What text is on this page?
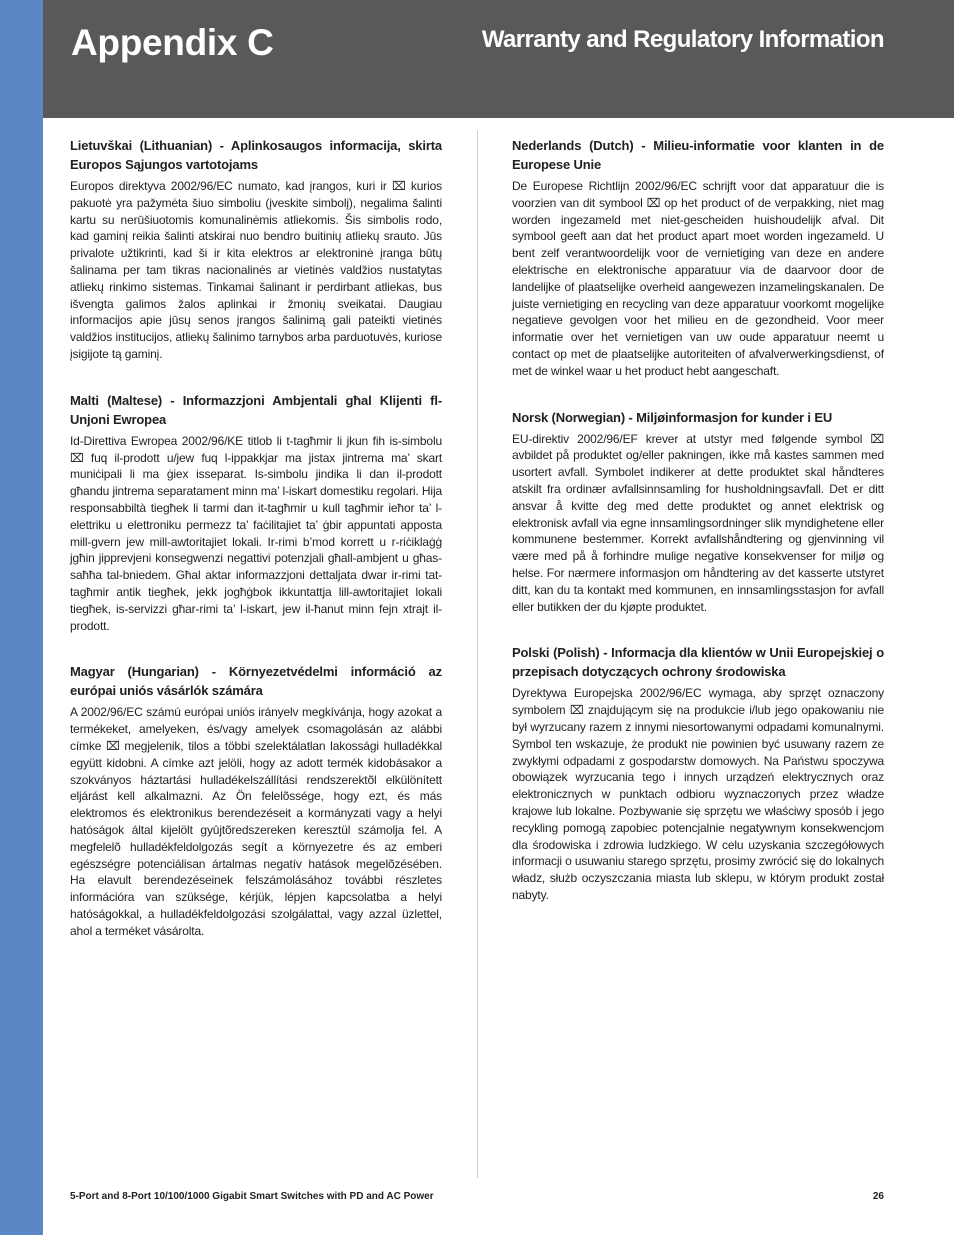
Appendix C	Warranty and Regulatory Information
Lietuvškai (Lithuanian) - Aplinkosaugos informacija, skirta Europos Sąjungos vartotojams

Europos direktyva 2002/96/EC numato, kad įrangos, kuri ir ⌧ kurios pakuotė yra pažymėta šiuo simboliu (įveskite simbolį), negalima šalinti kartu su nerūšiuotomis komunalinėmis atliekomis. Šis simbolis rodo, kad gaminį reikia šalinti atskirai nuo bendro buitinių atliekų srauto. Jūs privalote užtikrinti, kad ši ir kita elektros ar elektroninė įranga būtų šalinama per tam tikras nacionalinės ar vietinės valdžios nustatytas atliekų rinkimo sistemas. Tinkamai šalinant ir perdirbant atliekas, bus išvengta galimos žalos aplinkai ir žmonių sveikatai. Daugiau informacijos apie jūsų senos įrangos šalinimą gali pateikti vietinės valdžios institucijos, atliekų šalinimo tarnybos arba parduotuvės, kuriose įsigijote tą gaminį.

Malti (Maltese) - Informazzjoni Ambjentali għal Klijenti fl-Unjoni Ewropea

Id-Direttiva Ewropea 2002/96/KE titlob li t-tagħmir li jkun fih is-simbolu ⌧ fuq il-prodott u/jew fuq l-ippakkjar ma jistax jintrema ma’ skart muniċipali li ma ġiex isseparat. Is-simbolu jindika li dan il-prodott għandu jintrema separatament minn ma’ l-iskart domestiku regolari. Hija responsabbiltà tiegħek li tarmi dan it-tagħmir u kull tagħmir ieħor ta’ l-elettriku u elettroniku permezz ta’ faċilitajiet ta’ ġbir appuntati apposta mill-gvern jew mill-awtoritajiet lokali. Ir-rimi b’mod korrett u r-riċiklaġġ jgħin jipprevjeni konsegwenzi negattivi potenzjali għall-ambjent u għas-saħħa tal-bniedem. Għal aktar informazzjoni dettaljata dwar ir-rimi tat-tagħmir antik tiegħek, jekk jogħġbok ikkuntattja lill-awtoritajiet lokali tiegħek, is-servizzi għar-rimi ta’ l-iskart, jew il-ħanut minn fejn xtrajt il-prodott.

Magyar (Hungarian) - Környezetvédelmi információ az európai uniós vásárlók számára

A 2002/96/EC számú európai uniós irányelv megkívánja, hogy azokat a termékeket, amelyeken, és/vagy amelyek csomagolásán az alábbi címke ⌧ megjelenik, tilos a többi szelektálatlan lakossági hulladékkal együtt kidobni. A címke azt jelöli, hogy az adott termék kidobásakor a szokványos háztartási hulladékelszállítási rendszerektõl elkülönített eljárást kell alkalmazni. Az Ön felelõssége, hogy ezt, és más elektromos és elektronikus berendezéseit a kormányzati vagy a helyi hatóságok által kijelölt gyûjtõredszereken keresztül számolja fel. A megfelelõ hulladékfeldolgozás segít a környezetre és az emberi egészségre potenciálisan ártalmas negatív hatások megelõzésében. Ha elavult berendezéseinek felszámolásához további részletes információra van szüksége, kérjük, lépjen kapcsolatba a helyi hatóságokkal, a hulladékfeldolgozási szolgálattal, vagy azzal üzlettel, ahol a terméket vásárolta.

Nederlands (Dutch) - Milieu-informatie voor klanten in de Europese Unie

De Europese Richtlijn 2002/96/EC schrijft voor dat apparatuur die is voorzien van dit symbool ⌧ op het product of de verpakking, niet mag worden ingezameld met niet-gescheiden huishoudelijk afval. Dit symbool geeft aan dat het product apart moet worden ingezameld. U bent zelf verantwoordelijk voor de vernietiging van deze en andere elektrische en elektronische apparatuur via de daarvoor door de landelijke of plaatselijke overheid aangewezen inzamelingskanalen. De juiste vernietiging en recycling van deze apparatuur voorkomt mogelijke negatieve gevolgen voor het milieu en de gezondheid. Voor meer informatie over het vernietigen van uw oude apparatuur neemt u contact op met de plaatselijke autoriteiten of afvalverwerkingsdienst, of met de winkel waar u het product hebt aangeschaft.

Norsk (Norwegian) - Miljøinformasjon for kunder i EU

EU-direktiv 2002/96/EF krever at utstyr med følgende symbol ⌧ avbildet på produktet og/eller pakningen, ikke må kastes sammen med usortert avfall. Symbolet indikerer at dette produktet skal håndteres atskilt fra ordinær avfallsinnsamling for husholdningsavfall. Det er ditt ansvar å kvitte deg med dette produktet og annet elektrisk og elektronisk avfall via egne innsamlingsordninger slik myndighetene eller kommunene bestemmer. Korrekt avfallshåndtering og gjenvinning vil være med på å forhindre mulige negative konsekvenser for miljø og helse. For nærmere informasjon om håndtering av det kasserte utstyret ditt, kan du ta kontakt med kommunen, en innsamlingsstasjon for avfall eller butikken der du kjøpte produktet.

Polski (Polish) - Informacja dla klientów w Unii Europejskiej o przepisach dotyczących ochrony środowiska

Dyrektywa Europejska 2002/96/EC wymaga, aby sprzęt oznaczony symbolem ⌧ znajdującym się na produkcie i/lub jego opakowaniu nie był wyrzucany razem z innymi niesortowanymi odpadami komunalnymi. Symbol ten wskazuje, że produkt nie powinien być usuwany razem ze zwykłymi odpadami z gospodarstw domowych. Na Państwu spoczywa obowiązek wyrzucania tego i innych urządzeń elektrycznych oraz elektronicznych w punktach odbioru wyznaczonych przez władze krajowe lub lokalne. Pozbywanie się sprzętu we właściwy sposób i jego recykling pomogą zapobiec potencjalnie negatywnym konsekwencjom dla środowiska i zdrowia ludzkiego. W celu uzyskania szczegółowych informacji o usuwaniu starego sprzętu, prosimy zwrócić się do lokalnych władz, służb oczyszczania miasta lub sklepu, w którym produkt został nabyty.

5-Port and 8-Port 10/100/1000 Gigabit Smart Switches with PD and AC Power	26
